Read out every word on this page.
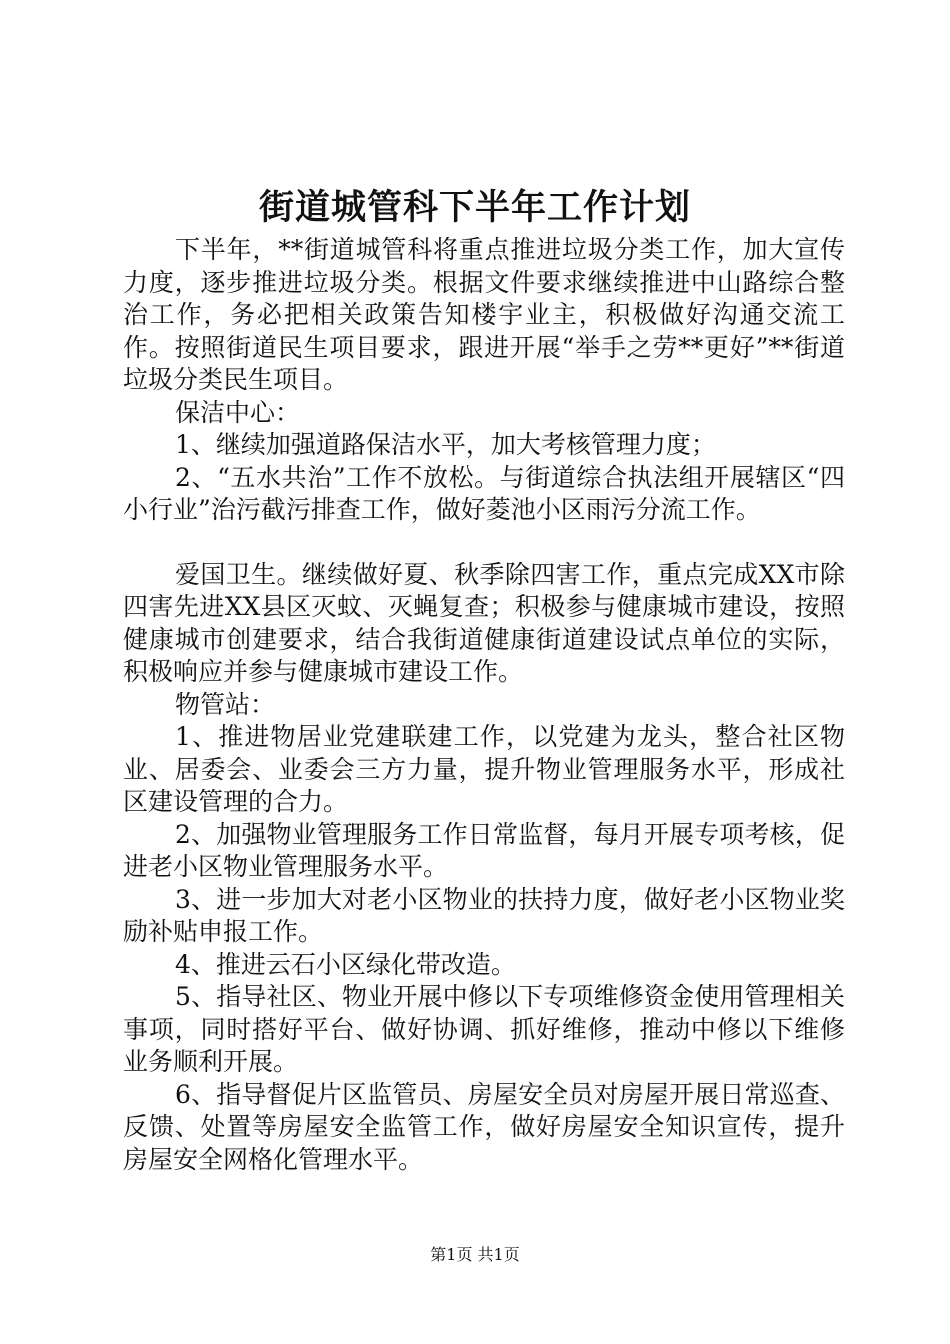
街道城管科下半年工作计划

下半年，**街道城管科将重点推进垃圾分类工作，加大宣传力度，逐步推进垃圾分类。根据文件要求继续推进中山路综合整治工作，务必把相关政策告知楼宇业主，积极做好沟通交流工作。按照街道民生项目要求，跟进开展“举手之劳**更好”**街道垃圾分类民生项目。

保洁中心：

1、继续加强道路保洁水平，加大考核管理力度；

2、“五水共治”工作不放松。与街道综合执法组开展辖区“四小行业”治污截污排查工作，做好菱池小区雨污分流工作。

爱国卫生。继续做好夏、秋季除四害工作，重点完成XX市除四害先进XX县区灭蚊、灭蝇复查；积极参与健康城市建设，按照健康城市创建要求，结合我街道健康街道建设试点单位的实际，积极响应并参与健康城市建设工作。

物管站：

1、推进物居业党建联建工作，以党建为龙头，整合社区物业、居委会、业委会三方力量，提升物业管理服务水平，形成社区建设管理的合力。

2、加强物业管理服务工作日常监督，每月开展专项考核，促进老小区物业管理服务水平。

3、进一步加大对老小区物业的扶持力度，做好老小区物业奖励补贴申报工作。

4、推进云石小区绿化带改造。

5、指导社区、物业开展中修以下专项维修资金使用管理相关事项，同时搭好平台、做好协调、抓好维修，推动中修以下维修业务顺利开展。

6、指导督促片区监管员、房屋安全员对房屋开展日常巡查、反馈、处置等房屋安全监管工作，做好房屋安全知识宣传，提升房屋安全网格化管理水平。

第1页 共1页
